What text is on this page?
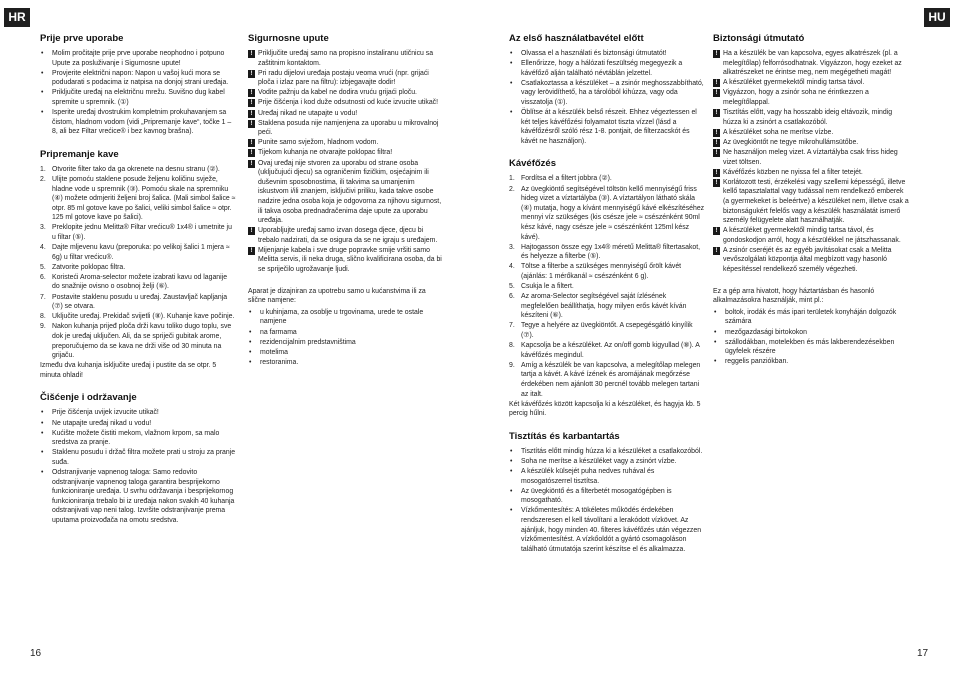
HR	HU
Prije prve uporabe
• Molim pročitajte prije prve uporabe neophodno i potpuno Upute za posluživanje i Sigurnosne upute!
• Provjerite električni napon: Napon u vašoj kući mora se podudarati s podacima iz natpisa na donjoj strani uređaja.
• Priključite uređaj na električnu mrežu. Suvišno dug kabel spremite u spremnik. (①)
• Isperite uređaj dvostrukim kompletnim prokuhavanjem sa čistom, hladnom vodom (vidi „Pripremanje kave“, točke 1 – 8, ali bez Filtar vrećice® i bez kavnog brašna).
Pripremanje kave
1. Otvorite filter tako da ga okrenete na desnu stranu (②).
2. Ulijte pomoću staklene posude željenu količinu svježe, hladne vode u spremnik (③). Pomoću skale na spremniku (④) možete odmjeriti željeni broj šalica. (Mali simbol šalice ≈ otpr. 85 ml gotove kave po šalici, veliki simbol šalice ≈ otpr. 125 ml gotove kave po šalici).
3. Preklopite jednu Melitta® Filtar vrećicu® 1x4® i umetnite ju u filtar (⑤).
4. Dajte mljevenu kavu (preporuka: po velikoj šalici 1 mjera ≈ 6g) u filtar vrećicu®.
5. Zatvorite poklopac filtra.
6. Koristeći Aroma-selector možete izabrati kavu od laganije do snažnije ovisno o osobnoj želji (⑥).
7. Postavite staklenu posudu u uređaj. Zaustavljač kapljanja (⑦) se otvara.
8. Uključite uređaj. Prekidač svijetli (⑧). Kuhanje kave počinje.
9. Nakon kuhanja prijeđ ploča drži kavu toliko dugo toplu, sve dok je uređaj uključen. Ali, da se spriječi gubitak arome, preporučujemo da se kava ne drži više od 30 minuta na grijaču.

Između dva kuhanja isključite uređaj i pustite da se otpr. 5 minuta ohladi!

Čišćenje i održavanje
• Prije čišćenja uvijek izvucite utikač!
• Ne utapajte uređaj nikad u vodu!
• Kućište možete čistiti mekom, vlažnom krpom, sa malo sredstva za pranje.
• Staklenu posudu i držač filtra možete prati u stroju za pranje suđa.
• Odstranjivanje vapnenog taloga: Samo redovito odstranjivanje vapnenog taloga garantira besprijekorno funkcioniranje uređaja. U svrhu održavanja i besprijekornog funkcioniranja trebalo bi iz uređaja nakon svakih 40 kuhanja odstranjivati vap neni talog. Izvršite odstranjivanje prema uputama proizvođača na omotu sredstva.
Sigurnosne upute
• ! Priključite uređaj samo na propisno instaliranu utičnicu sa zaštitnim kontaktom.
• ! Pri radu dijelovi uređaja postaju veoma vrući (npr. grijaći ploča i izlaz pare na filtru): izbjegavajte dodir!
• ! Vodite pažnju da kabel ne dodira vruću grijaći ploču.
• ! Prije čišćenja i kod duže odsutnosti od kuće izvucite utikač!
• ! Uređaj nikad ne utapajte u vodu!
• ! Staklena posuda nije namjenjena za uporabu u mikrovalnoj peći.
• ! Punite samo svježom, hladnom vodom.
• ! Tijekom kuhanja ne otvarajte poklopac filtra!
• ! Ovaj uređaj nije stvoren za uporabu od strane osoba (uključujući djecu) sa ograničenim fizičkim, osjećajnim ili duševnim sposobnostima, ili takvima sa umanjenim iskustvom i/ili znanjem, isključivi priliku, kada takve osobe nadzire jedna osoba koja je odgovorna za njihovu sigurnost, ili takva osoba prednadračenima daje upute za uporabu uređaja.
• ! Uporabljujte uređaj samo izvan dosega djece, djecu bi trebalo nadzirati, da se osigura da se ne igraju s uređajem.
• ! Mijenjanje kabela i sve druge popravke smije vršiti samo Melitta servis, ili neka druga, slično kvalificirana osoba, da bi se spriječilo ugrožavanje ljudi.

Aparat je dizajniran za upotrebu samo u kućanstvima ili za slične namjene:

• u kuhinjama, za osoblje u trgovinama, urede te ostale namjene
• na farmama
• rezidencijalnim predstavništima
• motelima
• restoranima.
Az első használatbavétel előtt
• Olvassa el a használati és biztonsági útmutatót!
• Ellenőrizze, hogy a hálózati feszültség megegyezik a kávéfőző alján található névtáblán jelzettel.
• Csatlakoztassa a készüléket – a zsinór meghosszabbítható, vagy lerövidíthető, ha a tárolóból kihúzza, vagy oda visszatolja (①).
• Öblítse át a készülék belső részeit. Ehhez végeztessen el két teljes kávéfőzési folyamatot tiszta vízzel (lásd a kávéfőzésről szóló rész 1-8. pontjait, de filterzacskót és kávét ne használjon).
Kávéfőzés
1. Fordítsa el a filtert jobbra (②).
2. Az üvegkiöntő segítségével töltsön kellő mennyiségű friss hideg vizet a víztartályba (③). A víztartályon látható skála (④) mutatja, hogy a kívánt mennyiségű kávé elkészítéséhez mennyi víz szükséges (kis csésze jele ≈ csészénként 90ml kész kávé, nagy csésze jele ≈ csészénként 125ml kész kávé).
3. Hajtogasson össze egy 1x4® méretű Melitta® filtertasakot, és helyezze a filterbe (⑤).
4. Töltse a filterbe a szükséges mennyiségű őrölt kávét (ajánlás: 1 mérőkanál ≈ csészénként 6 g).
5. Csukja le a filtert.
6. Az aroma-Selector segítségével saját ízlésének megfelelően beállíthatja, hogy milyen erős kávét kíván készíteni (⑥).
7. Tegye a helyére az üvegkiöntőt. A csepegésgátló kinyílik (⑦).
8. Kapcsolja be a készüléket. Az on/off gomb kigyullad (⑧). A kávéfőzés megindul.
9. Amíg a készülék be van kapcsolva, a melegítőlap melegen tartja a kávét. A kávé ízének és aromájának megőrzése érdekében nem ajánlott 30 percnél tovább melegen tartani az italt.

Két kávéfőzés között kapcsolja ki a készüléket, és hagyja kb. 5 percig hűlni.

Tisztítás és karbantartás
• Tisztítás előtt mindig húzza ki a készüléket a csatlakozóból.
• Soha ne merítse a készüléket vagy a zsinórt vízbe.
• A készülék külsejét puha nedves ruhával és mosogatószerrel tisztítsa.
• Az üvegkiöntő és a filterbetét mosogatógépben is mosogatható.
• Vízkőmentesítés: A tökéletes működés érdekében rendszeresen el kell távolítani a lerakódott vízkövet. Az ajánljuk, hogy minden 40. filteres kávéfőzés után végezzen vízkőmentesítést. A vízkőoldót a gyártó csomagoláson található útmutatója szerint készítse el és alkalmazza.
Biztonsági útmutató
• ! Ha a készülék be van kapcsolva, egyes alkatrészek (pl. a melegítőlap) felforrósodhatnak. Vigyázzon, hogy ezeket az alkatrészeket ne érintse meg, nem megégetheti magát!
• ! A készüléket gyermekektől mindig tartsa távol.
• ! Vigyázzon, hogy a zsinór soha ne érintkezzen a melegítőlappal.
• ! Tisztítás előtt, vagy ha hosszabb ideig eltávozik, mindig húzza ki a zsinórt a csatlakozóból.
• ! A készüléket soha ne merítse vízbe.
• ! Az üvegkiöntőt ne tegye mikrohullámsütőbe.
• ! Ne használjon meleg vizet. A víztartályba csak friss hideg vizet töltsen.
• ! Kávéfőzés közben ne nyissa fel a filter tetejét.
• ! Korlátozott testi, érzékelési vagy szellemi képességű, illetve kellő tapasztalattal vagy tudással nem rendelkező emberek (a gyermekeket is beleértve) a készüléket nem, illetve csak a biztonságukért felelős vagy a készülék használatát ismerő személy felügyelete alatt használhatják.
• ! A készüléket gyermekektől mindig tartsa távol, és gondoskodjon arról, hogy a készülékkel ne játszhassanak.
• ! A zsinór cseréjét és az egyéb javításokat csak a Melitta vevőszolgálati központja által megbízott vagy hasonló képesítéssel rendelkező személy végezheti.

Ez a gép arra hivatott, hogy háztartásban és hasonló alkalmazásokra használják, mint pl.:

• boltok, irodák és más ipari területek konyháján dolgozók számára
• mezőgazdasági birtokokon
• szállodákban, motelekben és más lakberendezésekben ügyfelek részére
• reggelis panziókban.
16	17
